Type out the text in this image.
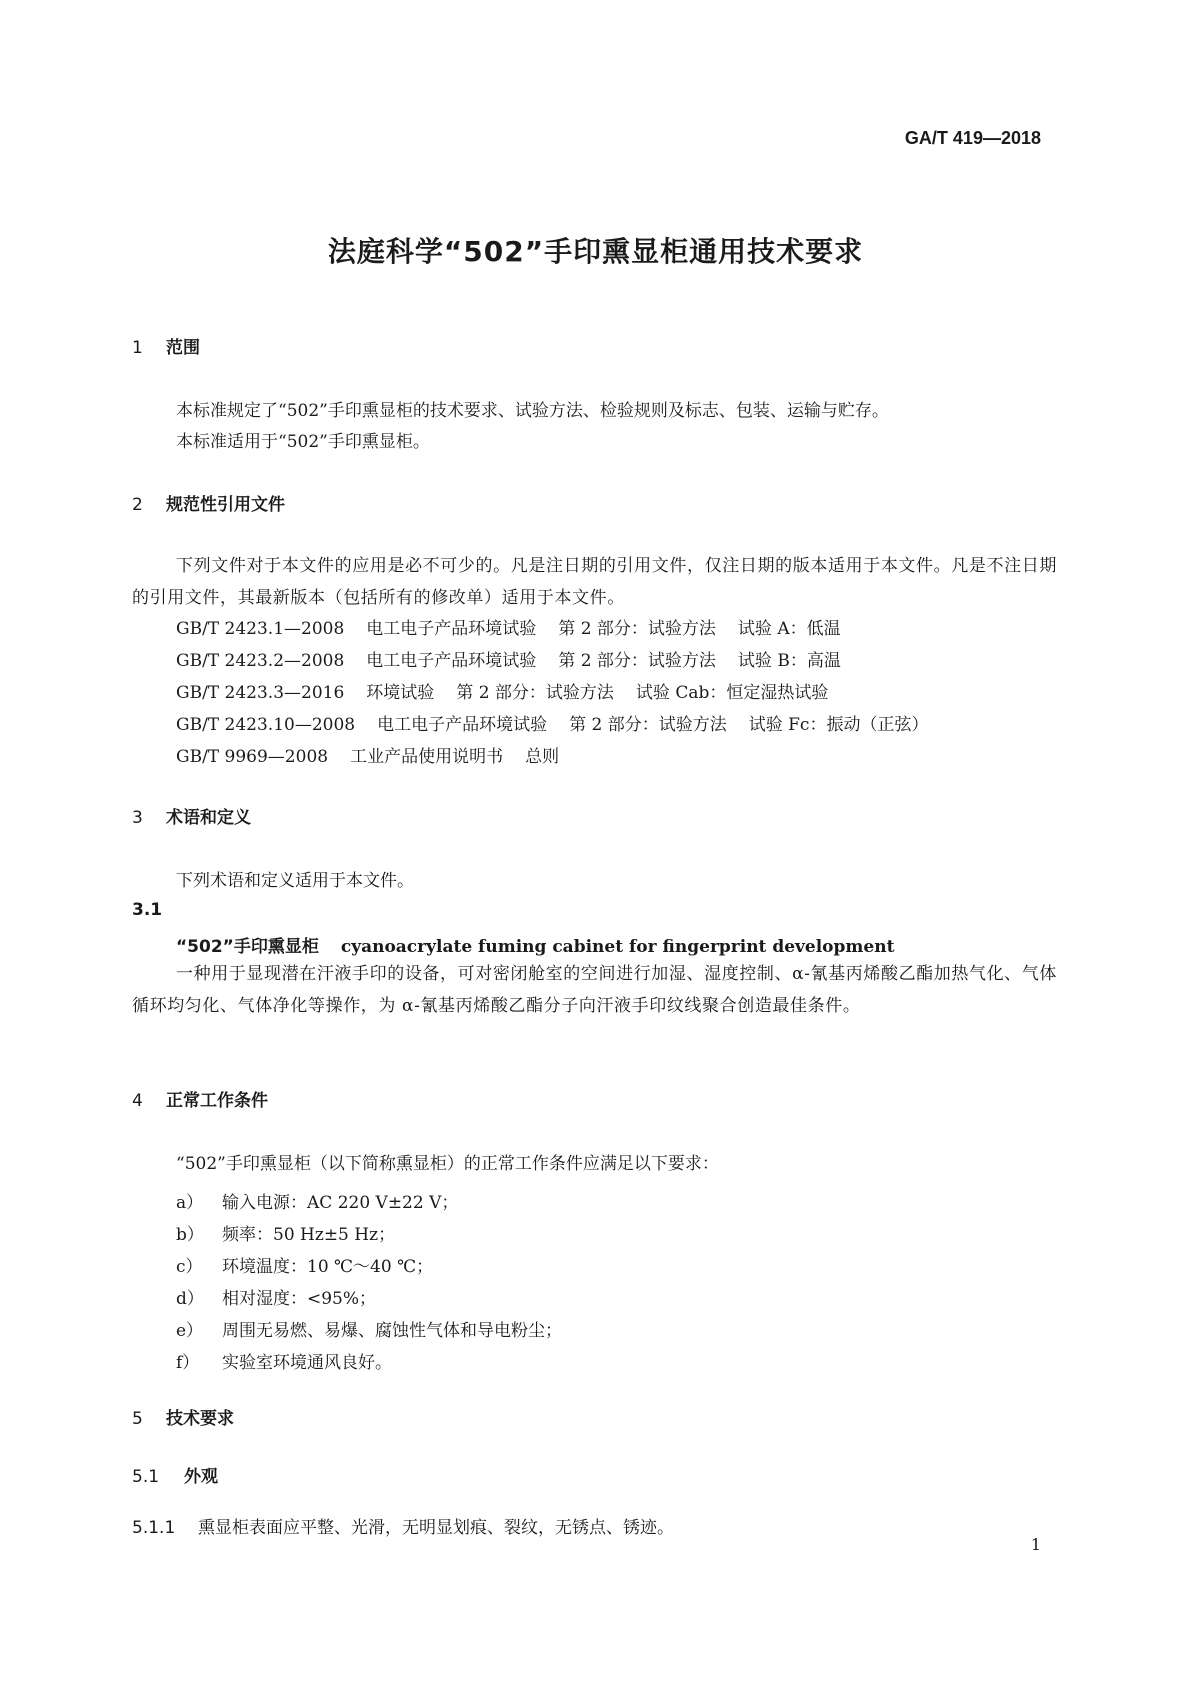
GA/T 419—2018
法庭科学“502”手印熏显柜通用技术要求
1 范围
本标准规定了“502”手印熏显柜的技术要求、试验方法、检验规则及标志、包装、运输与贮存。
本标准适用于“502”手印熏显柜。
2 规范性引用文件
下列文件对于本文件的应用是必不可少的。凡是注日期的引用文件，仅注日期的版本适用于本文件。凡是不注日期的引用文件，其最新版本（包括所有的修改单）适用于本文件。
GB/T 2423.1—2008 电工电子产品环境试验 第 2 部分：试验方法 试验 A：低温
GB/T 2423.2—2008 电工电子产品环境试验 第 2 部分：试验方法 试验 B：高温
GB/T 2423.3—2016 环境试验 第 2 部分：试验方法 试验 Cab：恒定湿热试验
GB/T 2423.10—2008 电工电子产品环境试验 第 2 部分：试验方法 试验 Fc：振动（正弦）
GB/T 9969—2008 工业产品使用说明书 总则
3 术语和定义
下列术语和定义适用于本文件。
3.1
“502”手印熏显柜 cyanoacrylate fuming cabinet for fingerprint development
一种用于显现潜在汗液手印的设备，可对密闭舱室的空间进行加湿、湿度控制、α-氰基丙烯酸乙酯加热气化、气体循环均匀化、气体净化等操作，为 α-氰基丙烯酸乙酯分子向汗液手印纹线聚合创造最佳条件。
4 正常工作条件
“502”手印熏显柜（以下简称熏显柜）的正常工作条件应满足以下要求：
a） 输入电源：AC 220 V±22 V；
b） 频率：50 Hz±5 Hz；
c） 环境温度：10 ℃～40 ℃；
d） 相对湿度：<95%；
e） 周围无易燃、易爆、腐蚀性气体和导电粉尘；
f） 实验室环境通风良好。
5 技术要求
5.1 外观
5.1.1 熏显柜表面应平整、光滑，无明显划痕、裂纹，无锈点、锈迹。
1
